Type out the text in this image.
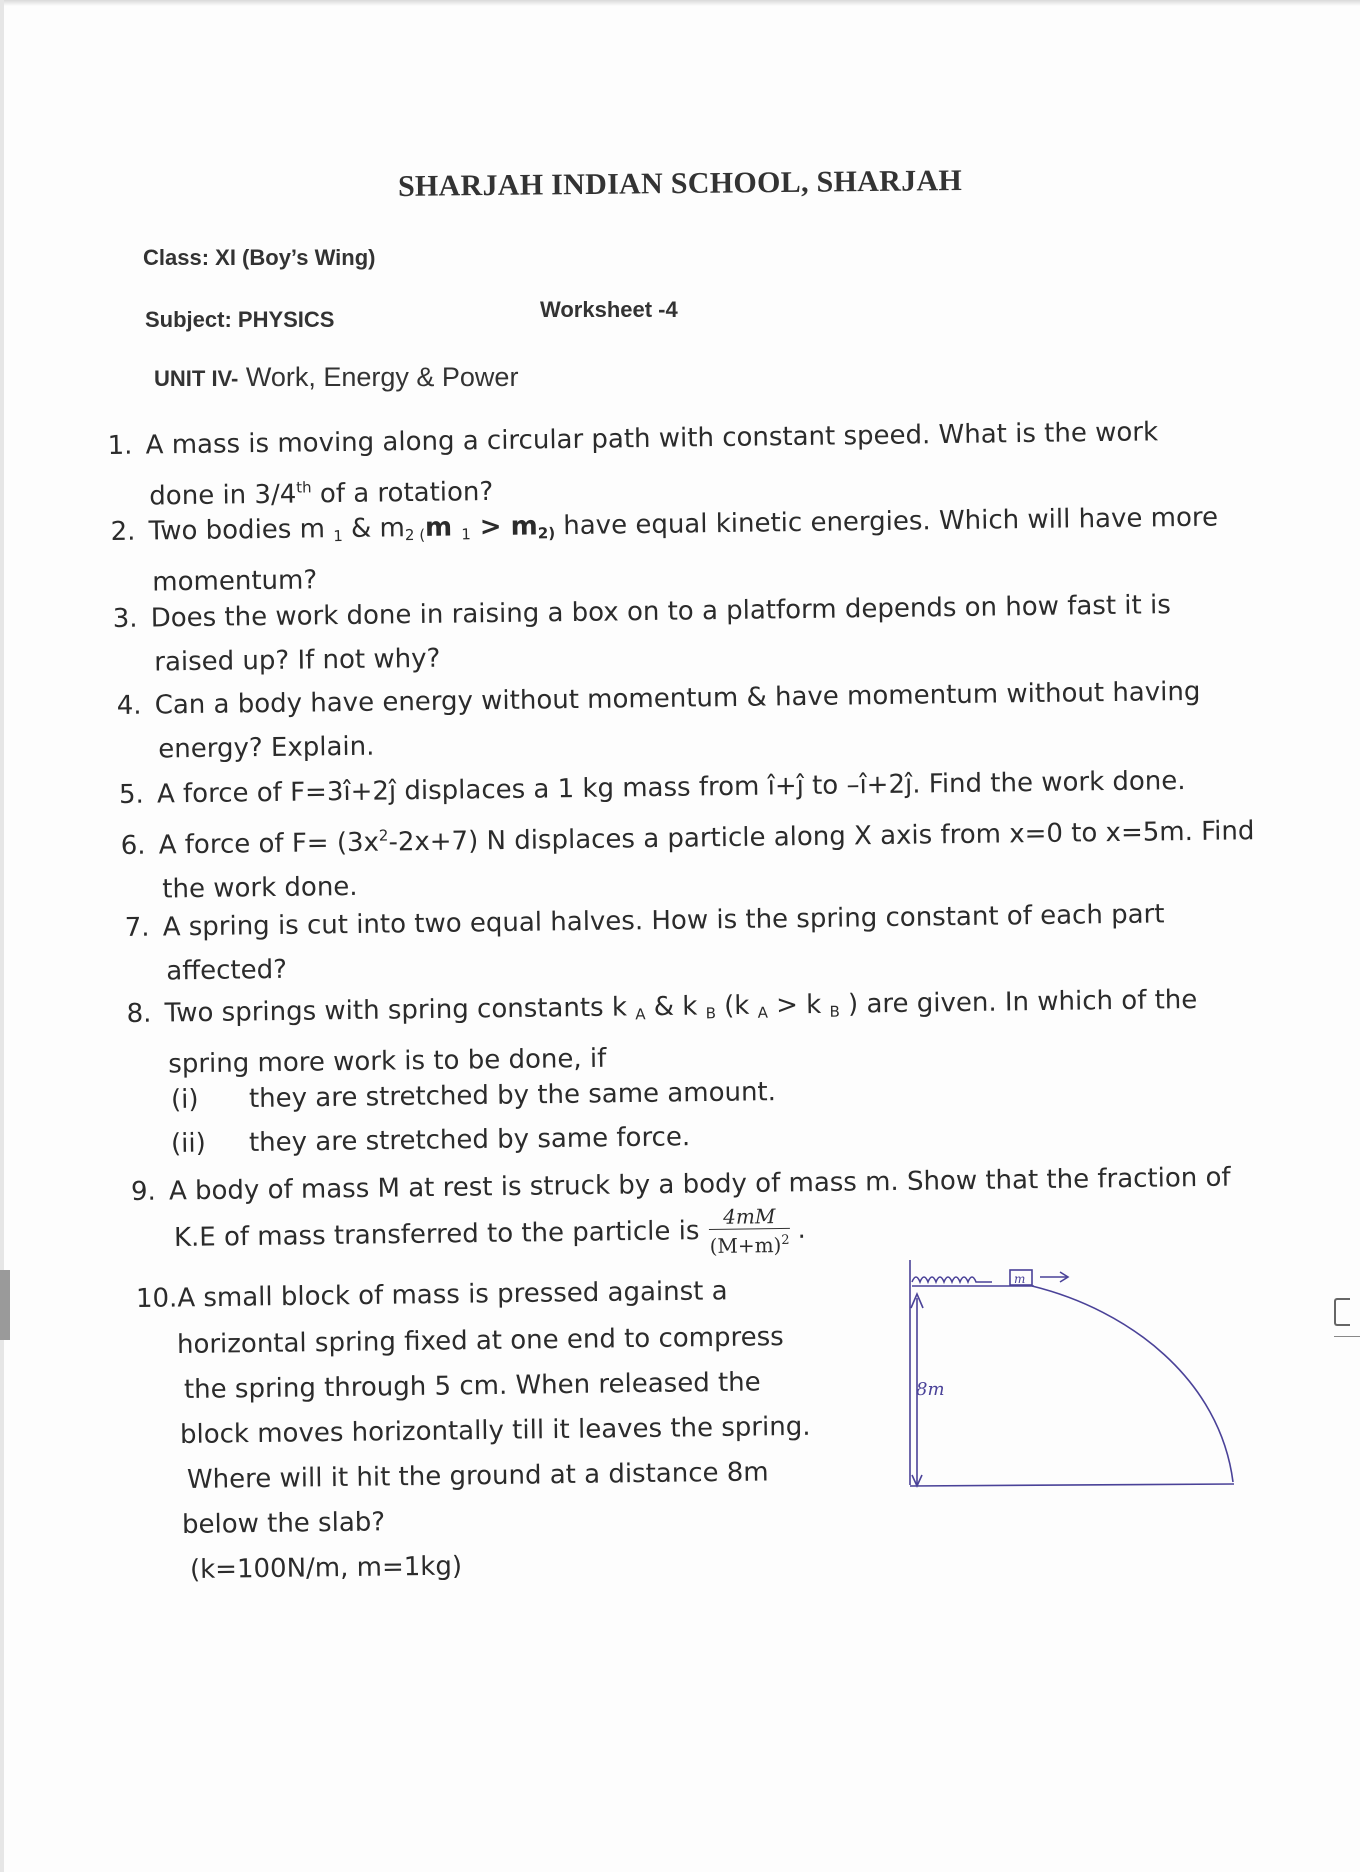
SHARJAH INDIAN SCHOOL, SHARJAH
Class: XI (Boy’s Wing)
Subject: PHYSICS	Worksheet -4
UNIT IV- Work, Energy & Power
1. A mass is moving along a circular path with constant speed. What is the work
done in 3/4th of a rotation?
2. Two bodies m $_1$ & $m_2$ $_($m $_1 > m_{2)}$ have equal kinetic energies. Which will have more
momentum?
3. Does the work done in raising a box on to a platform depends on how fast it is
raised up? If not why?
4. Can a body have energy without momentum & have momentum without having
energy? Explain.
5. A force of F=3î+2ĵ displaces a 1 kg mass from î+ĵ to –î+2ĵ. Find the work done.
6. A force of $F= (3x^2-2x+7)$ N displaces a particle along X axis from x=0 to x=5m. Find
the work done.
7. A spring is cut into two equal halves. How is the spring constant of each part
affected?
8. Two springs with spring constants k $_A$ & k $_B$ (k $_A$ > k $_B$ ) are given. In which of the
spring more work is to be done, if
(i) they are stretched by the same amount.
(ii) they are stretched by same force.
9. A body of mass M at rest is struck by a body of mass m. Show that the fraction of
K.E of mass transferred to the particle is $\frac{4mM}{(M+m)^2}$ .
10.A small block of mass is pressed against a
horizontal spring fixed at one end to compress
the spring through 5 cm. When released the
block moves horizontally till it leaves the spring.
Where will it hit the ground at a distance 8m
below the slab?
(k=100N/m, m=1kg)
m
8m
